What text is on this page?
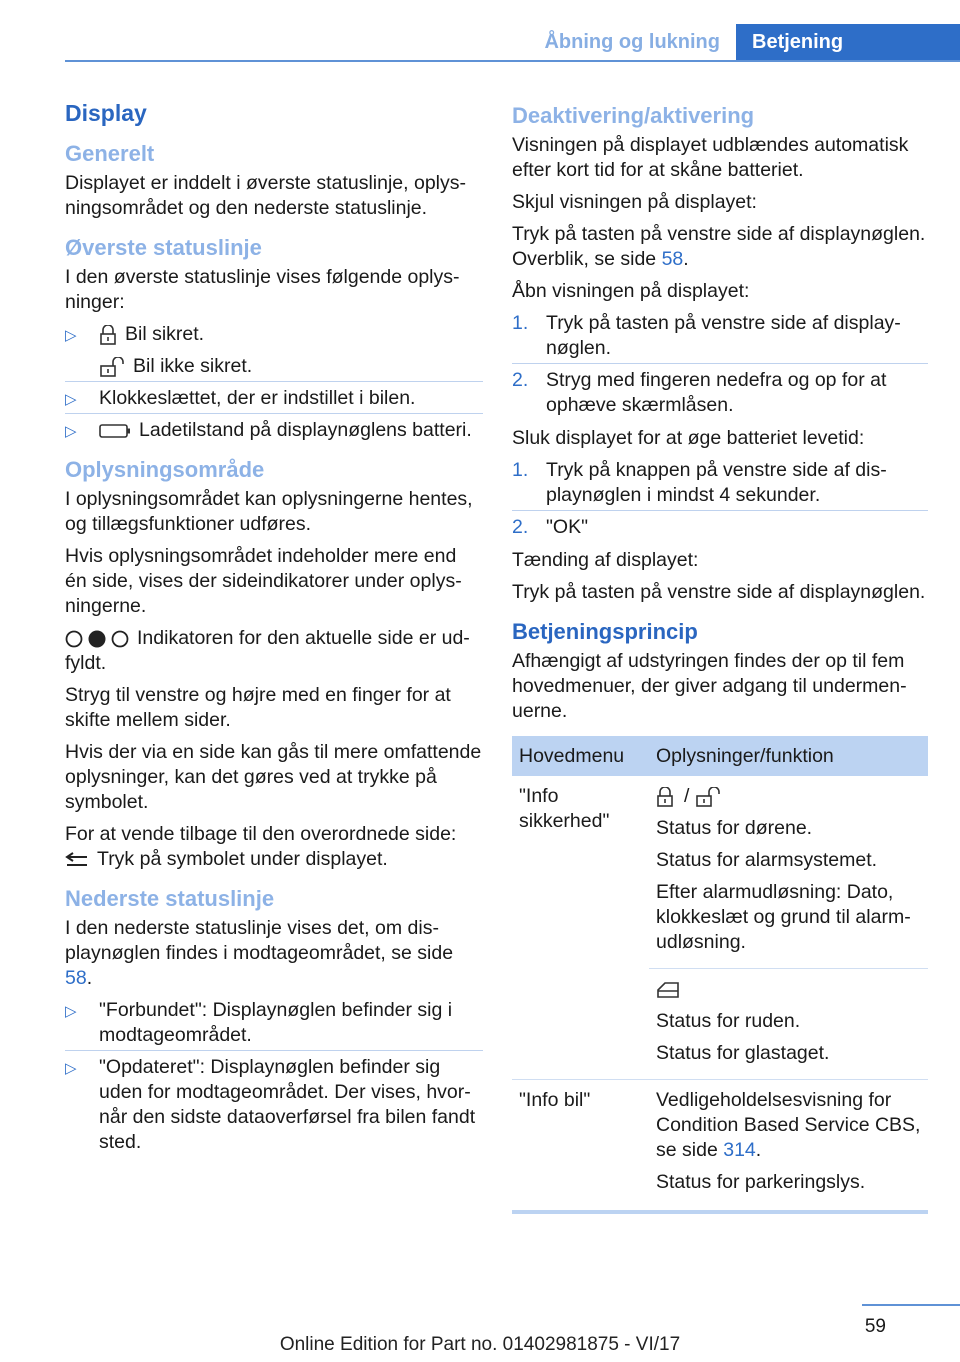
Åbning og lukning	Betjening
Display
Generelt

Displayet er inddelt i øverste statuslinje, oplysningsområdet og den nederste statuslinje.

Øverste statuslinje

I den øverste statuslinje vises følgende oplysninger:

▷	Bil sikret.
Bil ikke sikret.
▷ Klokkeslættet, der er indstillet i bilen.
▷	Ladetilstand på displaynøglens batteri.
Oplysningsområde

I oplysningsområdet kan oplysningerne hentes, og tillægsfunktioner udføres.

Hvis oplysningsområdet indeholder mere end én side, vises der sideindikatorer under oplysningerne.

Indikatoren for den aktuelle side er udfyldt.

Stryg til venstre og højre med en finger for at skifte mellem sider.

Hvis der via en side kan gås til mere omfattende oplysninger, kan det gøres ved at trykke på symbolet.

For at vende tilbage til den overordnede side:
Tryk på symbolet under displayet.

Nederste statuslinje

I den nederste statuslinje vises det, om displaynøglen findes i modtageområdet, se side 58.

▷ "Forbundet": Displaynøglen befinder sig i modtageområdet.
▷ "Opdateret": Displaynøglen befinder sig uden for modtageområdet. Der vises, hvornår den sidste dataoverførsel fra bilen fandt sted.
Deaktivering/aktivering

Visningen på displayet udblændes automatisk efter kort tid for at skåne batteriet.

Skjul visningen på displayet:

Tryk på tasten på venstre side af displaynøglen. Overblik, se side 58.

Åbn visningen på displayet:

1. Tryk på tasten på venstre side af displaynøglen.
2. Stryg med fingeren nedefra og op for at ophæve skærmlåsen.

Sluk displayet for at øge batteriet levetid:

1. Tryk på knappen på venstre side af displaynøglen i mindst 4 sekunder.
2. "OK"

Tænding af displayet:

Tryk på tasten på venstre side af displaynøglen.

Betjeningsprincip

Afhængigt af udstyringen findes der op til fem hovedmenuer, der giver adgang til undermenuerne.

Hovedmenu	Oplysninger/funktion
"Info sikkerhed"	/

Status for dørene.

Status for alarmsystemet.

Efter alarmudløsning: Dato, klokkeslæt og grund til alarmudløsning.

	Status for ruden.

Status for glastaget.

"Info bil"	Vedligeholdelsesvisning for Condition Based Service CBS, se side 314.

Status for parkeringslys.

59
Online Edition for Part no. 01402981875 - VI/17
